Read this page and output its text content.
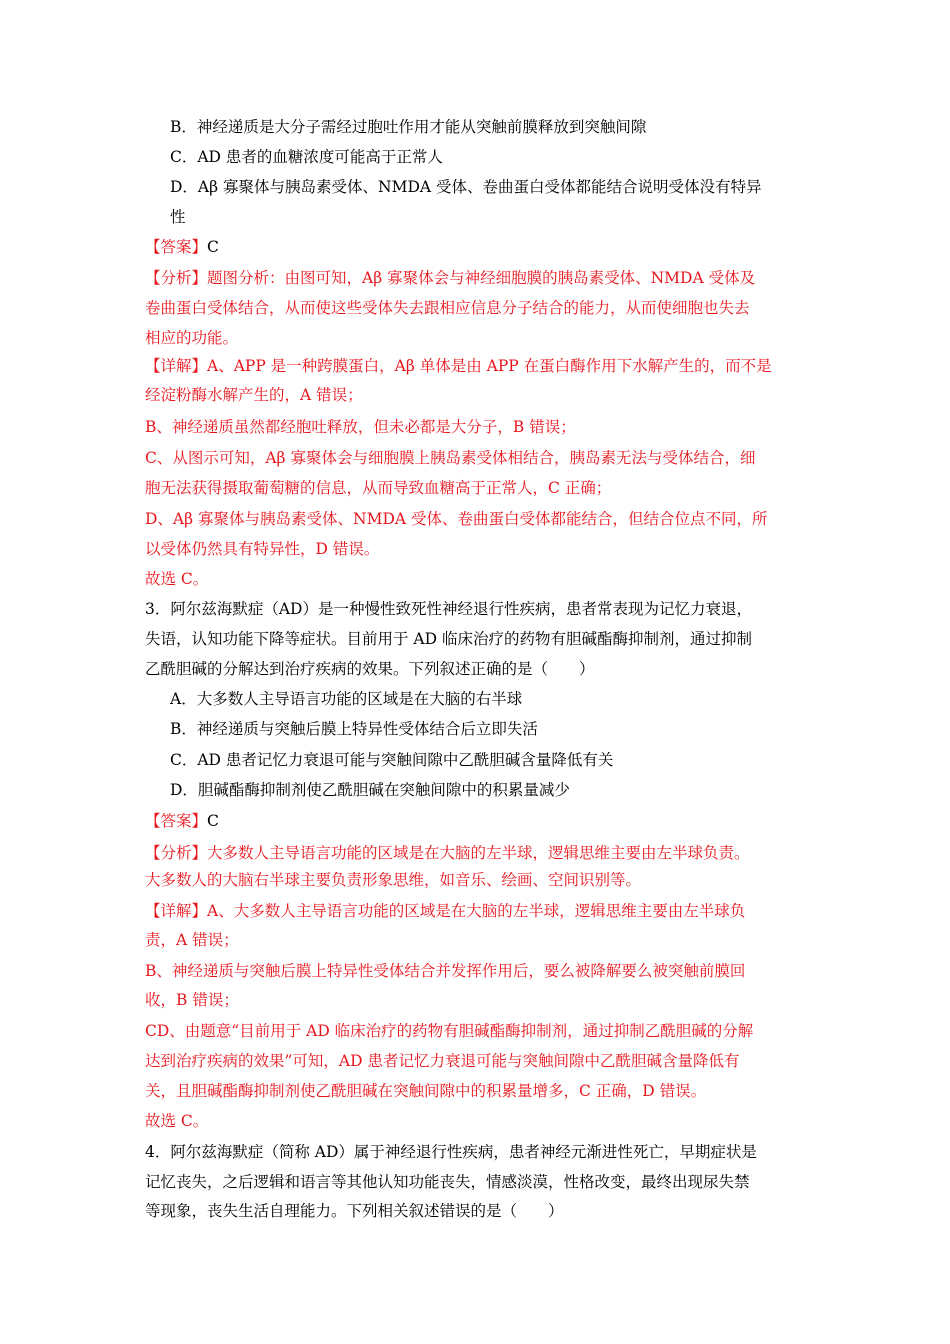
B．神经递质是大分子需经过胞吐作用才能从突触前膜释放到突触间隙
C．AD 患者的血糖浓度可能高于正常人
D．Aβ 寡聚体与胰岛素受体、NMDA 受体、卷曲蛋白受体都能结合说明受体没有特异
性
【答案】C
【分析】题图分析：由图可知，Aβ 寡聚体会与神经细胞膜的胰岛素受体、NMDA 受体及
卷曲蛋白受体结合，从而使这些受体失去跟相应信息分子结合的能力，从而使细胞也失去
相应的功能。
【详解】A、APP 是一种跨膜蛋白，Aβ 单体是由 APP 在蛋白酶作用下水解产生的，而不是
经淀粉酶水解产生的，A 错误；
B、神经递质虽然都经胞吐释放，但未必都是大分子，B 错误；
C、从图示可知，Aβ 寡聚体会与细胞膜上胰岛素受体相结合，胰岛素无法与受体结合，细
胞无法获得摄取葡萄糖的信息，从而导致血糖高于正常人，C 正确；
D、Aβ 寡聚体与胰岛素受体、NMDA 受体、卷曲蛋白受体都能结合，但结合位点不同，所
以受体仍然具有特异性，D 错误。
故选 C。
3．阿尔兹海默症（AD）是一种慢性致死性神经退行性疾病，患者常表现为记忆力衰退，
失语，认知功能下降等症状。目前用于 AD 临床治疗的药物有胆碱酯酶抑制剂，通过抑制
乙酰胆碱的分解达到治疗疾病的效果。下列叙述正确的是（　　）
A．大多数人主导语言功能的区域是在大脑的右半球
B．神经递质与突触后膜上特异性受体结合后立即失活
C．AD 患者记忆力衰退可能与突触间隙中乙酰胆碱含量降低有关
D．胆碱酯酶抑制剂使乙酰胆碱在突触间隙中的积累量减少
【答案】C
【分析】大多数人主导语言功能的区域是在大脑的左半球，逻辑思维主要由左半球负责。
大多数人的大脑右半球主要负责形象思维，如音乐、绘画、空间识别等。
【详解】A、大多数人主导语言功能的区域是在大脑的左半球，逻辑思维主要由左半球负
责，A 错误；
B、神经递质与突触后膜上特异性受体结合并发挥作用后，要么被降解要么被突触前膜回
收，B 错误；
CD、由题意“目前用于 AD 临床治疗的药物有胆碱酯酶抑制剂，通过抑制乙酰胆碱的分解
达到治疗疾病的效果”可知，AD 患者记忆力衰退可能与突触间隙中乙酰胆碱含量降低有
关，且胆碱酯酶抑制剂使乙酰胆碱在突触间隙中的积累量增多，C 正确，D 错误。
故选 C。
4．阿尔兹海默症（简称 AD）属于神经退行性疾病，患者神经元渐进性死亡，早期症状是
记忆丧失，之后逻辑和语言等其他认知功能丧失，情感淡漠，性格改变，最终出现尿失禁
等现象，丧失生活自理能力。下列相关叙述错误的是（　　）
